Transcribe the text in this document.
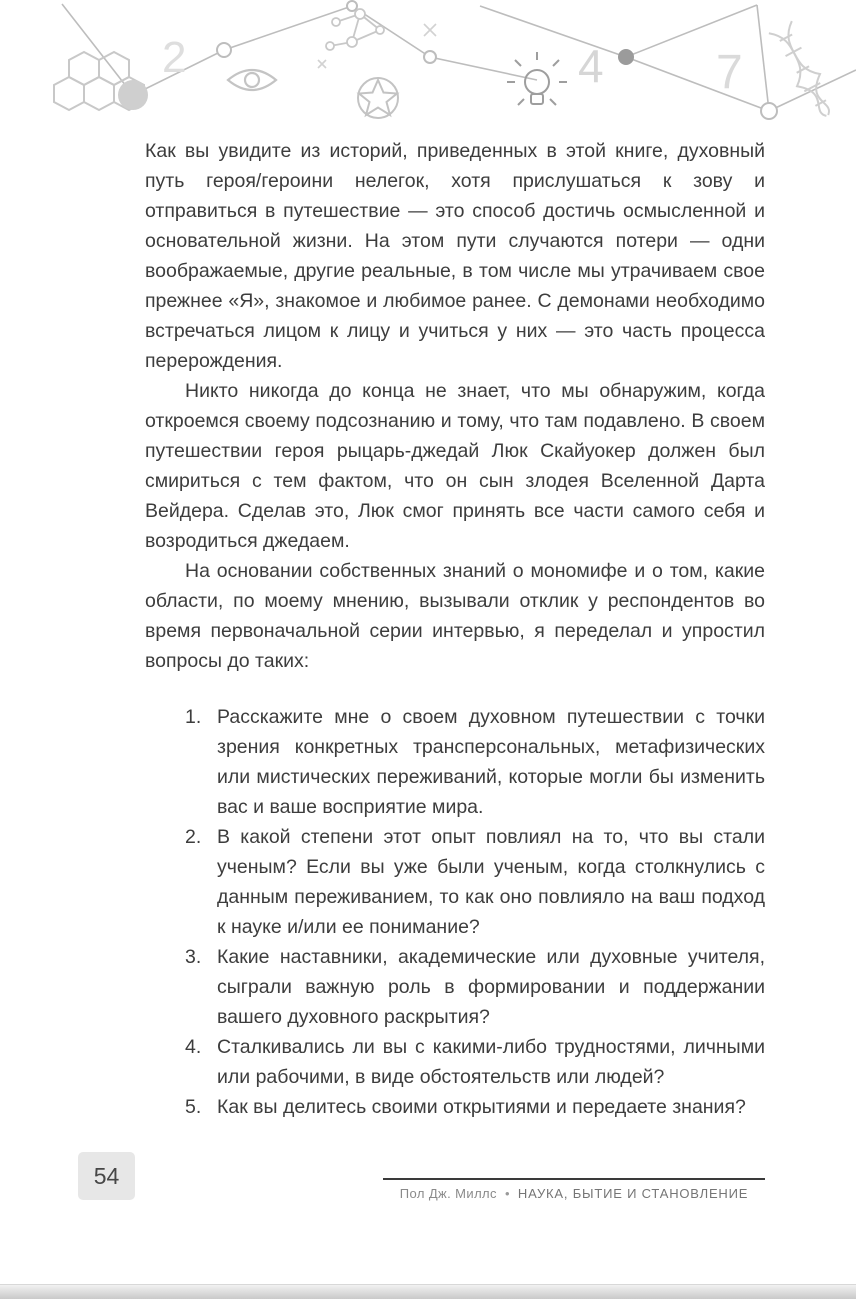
2	4 7

Как вы увидите из историй, приведенных в этой книге, духовный путь героя/героини нелегок, хотя прислушаться к зову и отправиться в путешествие — это способ достичь осмысленной и основательной жизни. На этом пути случаются потери — одни воображаемые, другие реальные, в том числе мы утрачиваем свое прежнее «Я», знакомое и любимое ранее. С демонами необходимо встречаться лицом к лицу и учиться у них — это часть процесса перерождения.

Никто никогда до конца не знает, что мы обнаружим, когда откроемся своему подсознанию и тому, что там подавлено. В своем путешествии героя рыцарь-джедай Люк Скайуокер должен был смириться с тем фактом, что он сын злодея Вселенной Дарта Вейдера. Сделав это, Люк смог принять все части самого себя и возродиться джедаем.

На основании собственных знаний о мономифе и о том, какие области, по моему мнению, вызывали отклик у респондентов во время первоначальной серии интервью, я переделал и упростил вопросы до таких:

1. Расскажите мне о своем духовном путешествии с точки зрения конкретных трансперсональных, метафизических или мистических переживаний, которые могли бы изменить вас и ваше восприятие мира.
2. В какой степени этот опыт повлиял на то, что вы стали ученым? Если вы уже были ученым, когда столкнулись с данным переживанием, то как оно повлияло на ваш подход к науке и/или ее понимание?
3. Какие наставники, академические или духовные учителя, сыграли важную роль в формировании и поддержании вашего духовного раскрытия?
4. Сталкивались ли вы с какими-либо трудностями, личными или рабочими, в виде обстоятельств или людей?
5. Как вы делитесь своими открытиями и передаете знания?
54
Пол Дж. Миллс • НАУКА, БЫТИЕ И СТАНОВЛЕНИЕ
